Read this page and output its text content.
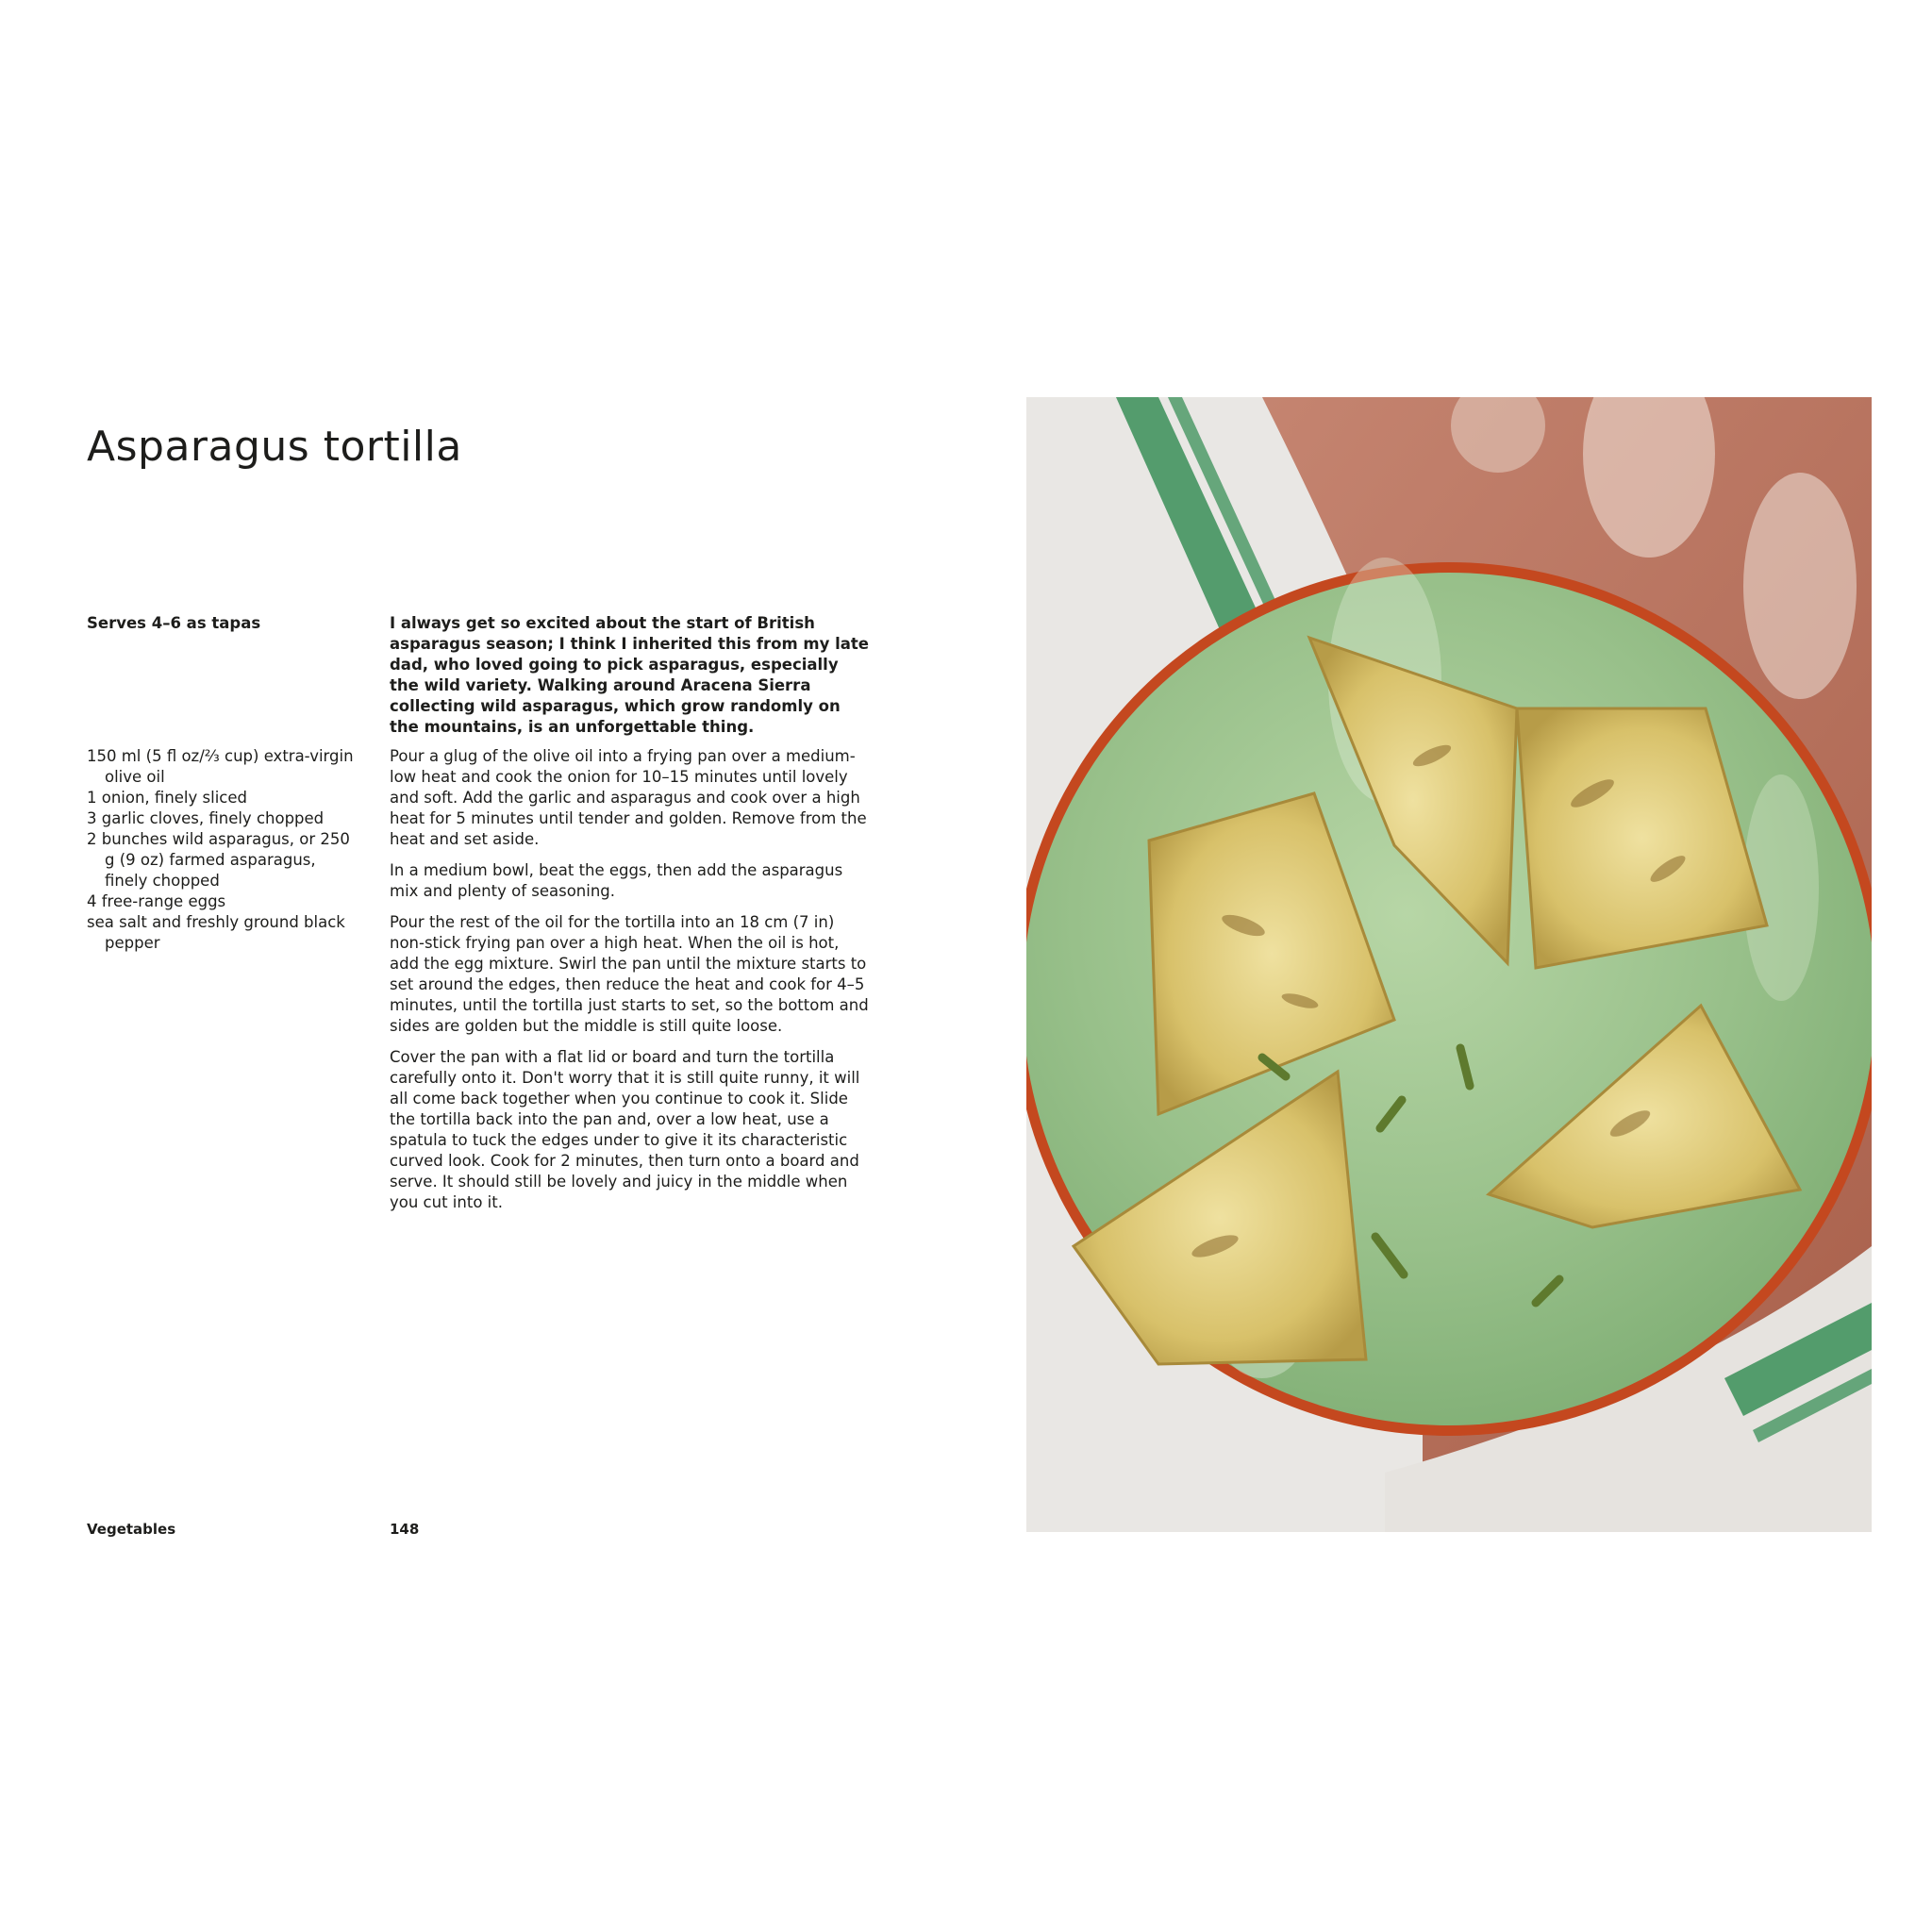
Asparagus tortilla
Serves 4–6 as tapas	I always get so excited about the start of British asparagus season; I think I inherited this from my late dad, who loved going to pick asparagus, especially the wild variety. Walking around Aracena Sierra collecting wild asparagus, which grow randomly on the mountains, is an unforgettable thing.
150 ml (5 fl oz/⅔ cup) extra-virgin olive oil
1 onion, finely sliced
3 garlic cloves, finely chopped
2 bunches wild asparagus, or 250 g (9 oz) farmed asparagus, finely chopped
4 free-range eggs
sea salt and freshly ground black pepper

Pour a glug of the olive oil into a frying pan over a medium-low heat and cook the onion for 10–15 minutes until lovely and soft. Add the garlic and asparagus and cook over a high heat for 5 minutes until tender and golden. Remove from the heat and set aside.

In a medium bowl, beat the eggs, then add the asparagus mix and plenty of seasoning.

Pour the rest of the oil for the tortilla into an 18 cm (7 in) non-stick frying pan over a high heat. When the oil is hot, add the egg mixture. Swirl the pan until the mixture starts to set around the edges, then reduce the heat and cook for 4–5 minutes, until the tortilla just starts to set, so the bottom and sides are golden but the middle is still quite loose.

Cover the pan with a flat lid or board and turn the tortilla carefully onto it. Don't worry that it is still quite runny, it will all come back together when you continue to cook it. Slide the tortilla back into the pan and, over a low heat, use a spatula to tuck the edges under to give it its characteristic curved look. Cook for 2 minutes, then turn onto a board and serve. It should still be lovely and juicy in the middle when you cut into it.

Vegetables	148
